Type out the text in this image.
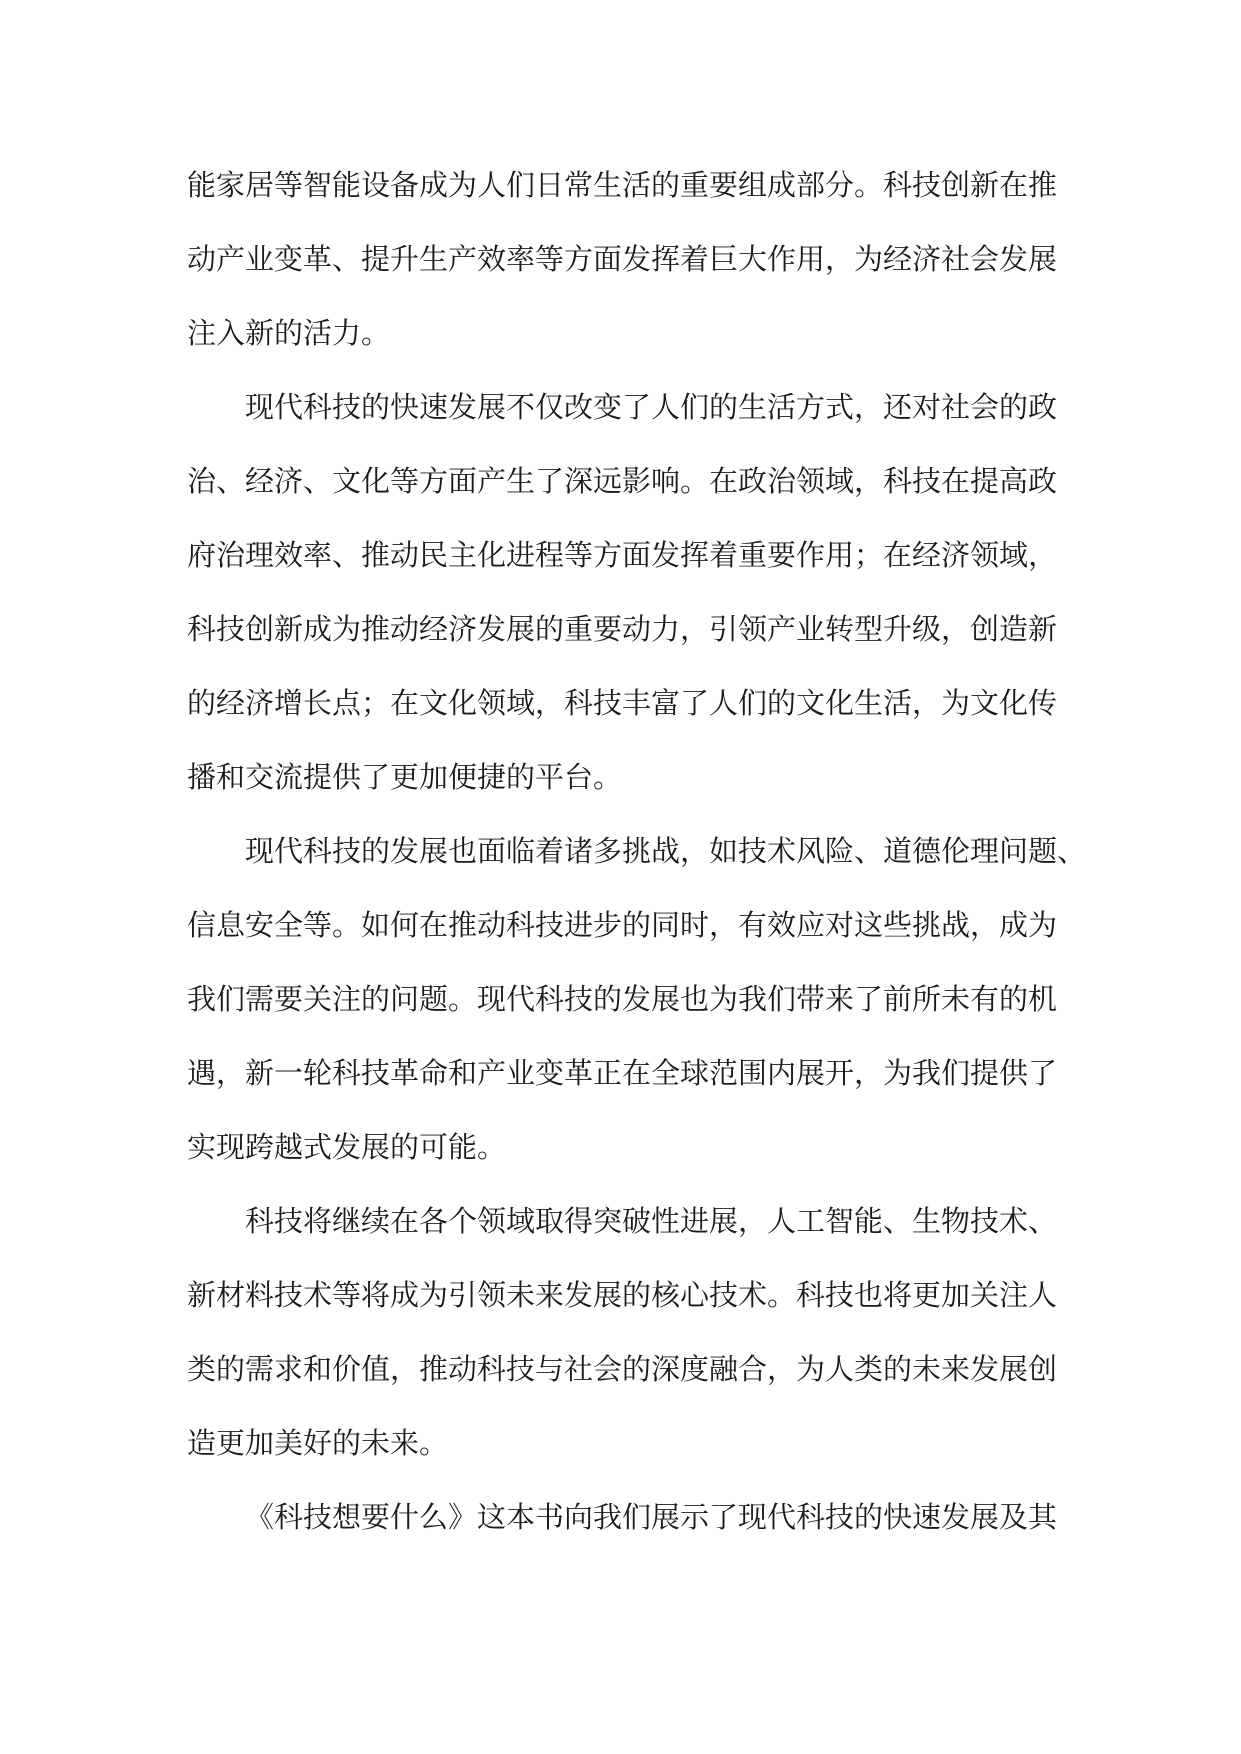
能家居等智能设备成为人们日常生活的重要组成部分。科技创新在推
动产业变革、提升生产效率等方面发挥着巨大作用，为经济社会发展
注入新的活力。
现代科技的快速发展不仅改变了人们的生活方式，还对社会的政
治、经济、文化等方面产生了深远影响。在政治领域，科技在提高政
府治理效率、推动民主化进程等方面发挥着重要作用；在经济领域，
科技创新成为推动经济发展的重要动力，引领产业转型升级，创造新
的经济增长点；在文化领域，科技丰富了人们的文化生活，为文化传
播和交流提供了更加便捷的平台。
现代科技的发展也面临着诸多挑战，如技术风险、道德伦理问题、
信息安全等。如何在推动科技进步的同时，有效应对这些挑战，成为
我们需要关注的问题。现代科技的发展也为我们带来了前所未有的机
遇，新一轮科技革命和产业变革正在全球范围内展开，为我们提供了
实现跨越式发展的可能。
科技将继续在各个领域取得突破性进展，人工智能、生物技术、
新材料技术等将成为引领未来发展的核心技术。科技也将更加关注人
类的需求和价值，推动科技与社会的深度融合，为人类的未来发展创
造更加美好的未来。
《科技想要什么》这本书向我们展示了现代科技的快速发展及其
